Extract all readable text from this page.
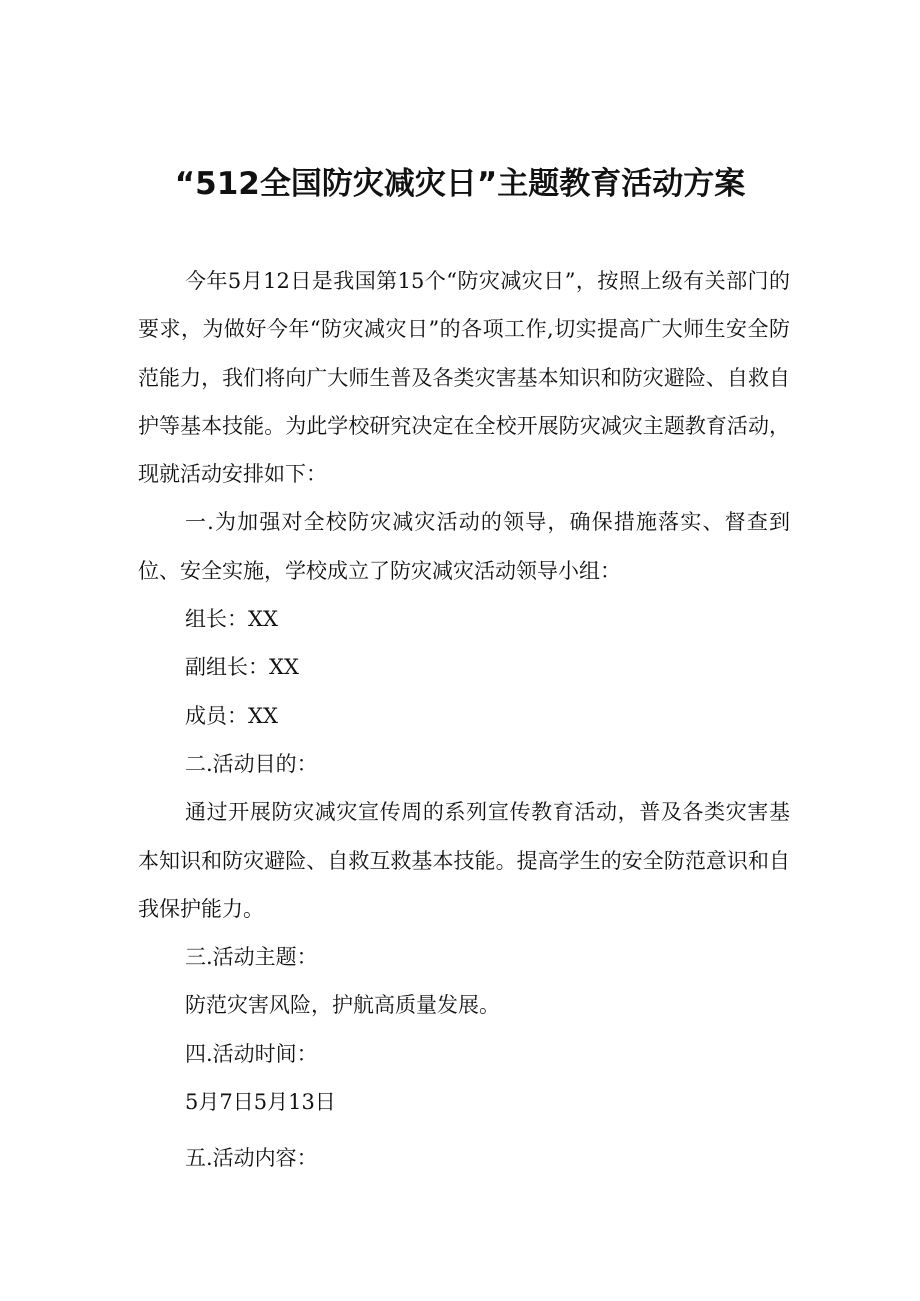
“512全国防灾减灾日”主题教育活动方案

今年5月12日是我国第15个“防灾减灾日”，按照上级有关部门的要求，为做好今年“防灾减灾日”的各项工作,切实提高广大师生安全防范能力，我们将向广大师生普及各类灾害基本知识和防灾避险、自救自护等基本技能。为此学校研究决定在全校开展防灾减灾主题教育活动，现就活动安排如下：

一.为加强对全校防灾减灾活动的领导，确保措施落实、督查到位、安全实施，学校成立了防灾减灾活动领导小组：

组长：XX

副组长：XX

成员：XX

二.活动目的：

通过开展防灾减灾宣传周的系列宣传教育活动，普及各类灾害基本知识和防灾避险、自救互救基本技能。提高学生的安全防范意识和自我保护能力。

三.活动主题：

防范灾害风险，护航高质量发展。

四.活动时间：

5月7日5月13日

五.活动内容：
